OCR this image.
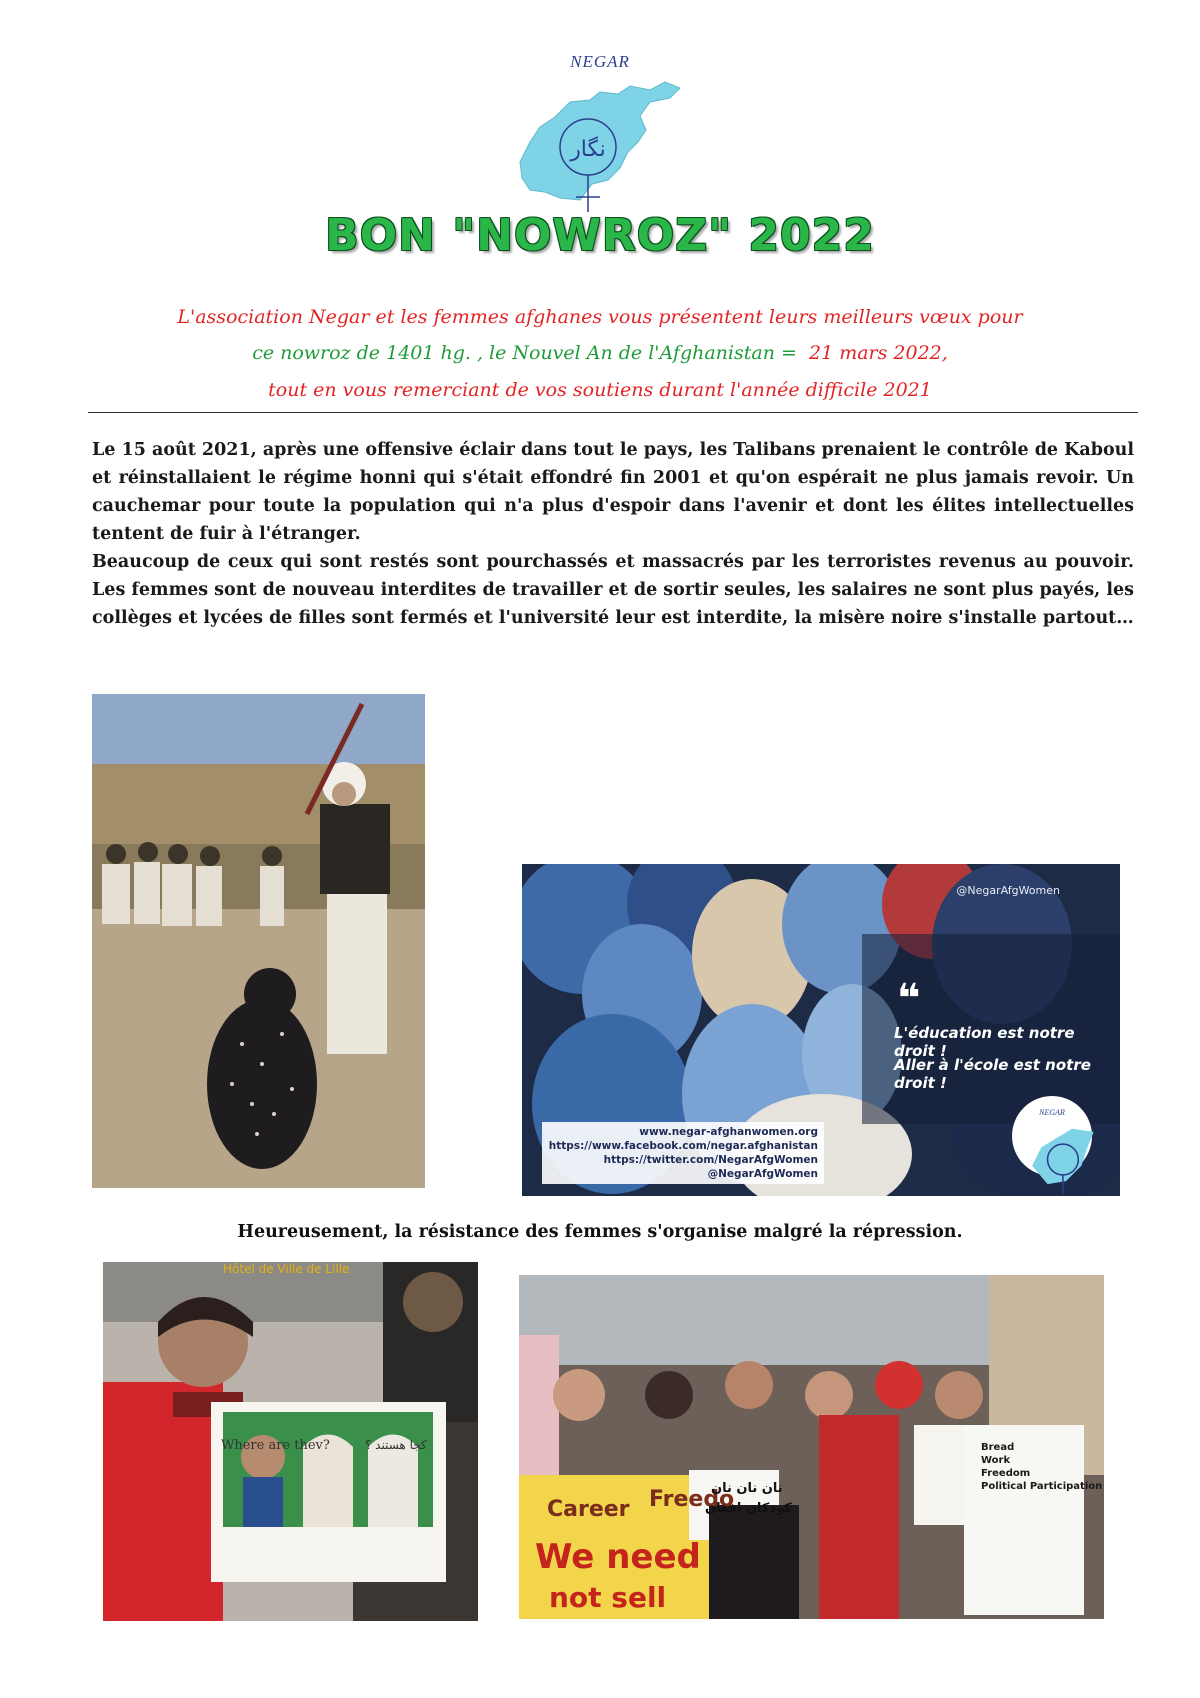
NEGAR
نگار
BON "NOWROZ" 2022
L'association Negar et les femmes afghanes vous présentent leurs meilleurs vœux pour
ce nowroz de 1401 hg. , le Nouvel An de l'Afghanistan = 21 mars 2022,
tout en vous remerciant de vos soutiens durant l'année difficile 2021

Le 15 août 2021, après une offensive éclair dans tout le pays, les Talibans prenaient le contrôle de Kaboul et réinstallaient le régime honni qui s'était effondré fin 2001 et qu'on espérait ne plus jamais revoir. Un cauchemar pour toute la population qui n'a plus d'espoir dans l'avenir et dont les élites intellectuelles tentent de fuir à l'étranger.

Beaucoup de ceux qui sont restés sont pourchassés et massacrés par les terroristes revenus au pouvoir. Les femmes sont de nouveau interdites de travailler et de sortir seules, les salaires ne sont plus payés, les collèges et lycées de filles sont fermés et l'université leur est interdite, la misère noire s'installe partout…

@NegarAfgWomen
❝
L'éducation est notre droit !
Aller à l'école est notre droit !
www.negar-afghanwomen.org
https://www.facebook.com/negar.afghanistan
https://twitter.com/NegarAfgWomen
@NegarAfgWomen
NEGAR
Heureusement, la résistance des femmes s'organise malgré la répression.
Hôtel de Ville de Lille
Where are thev?	کجا هستند ؟
Career Freedo
We need
not sell
نان نان نان
کودکان افغان
Bread
Work
Freedom
Political Participation
